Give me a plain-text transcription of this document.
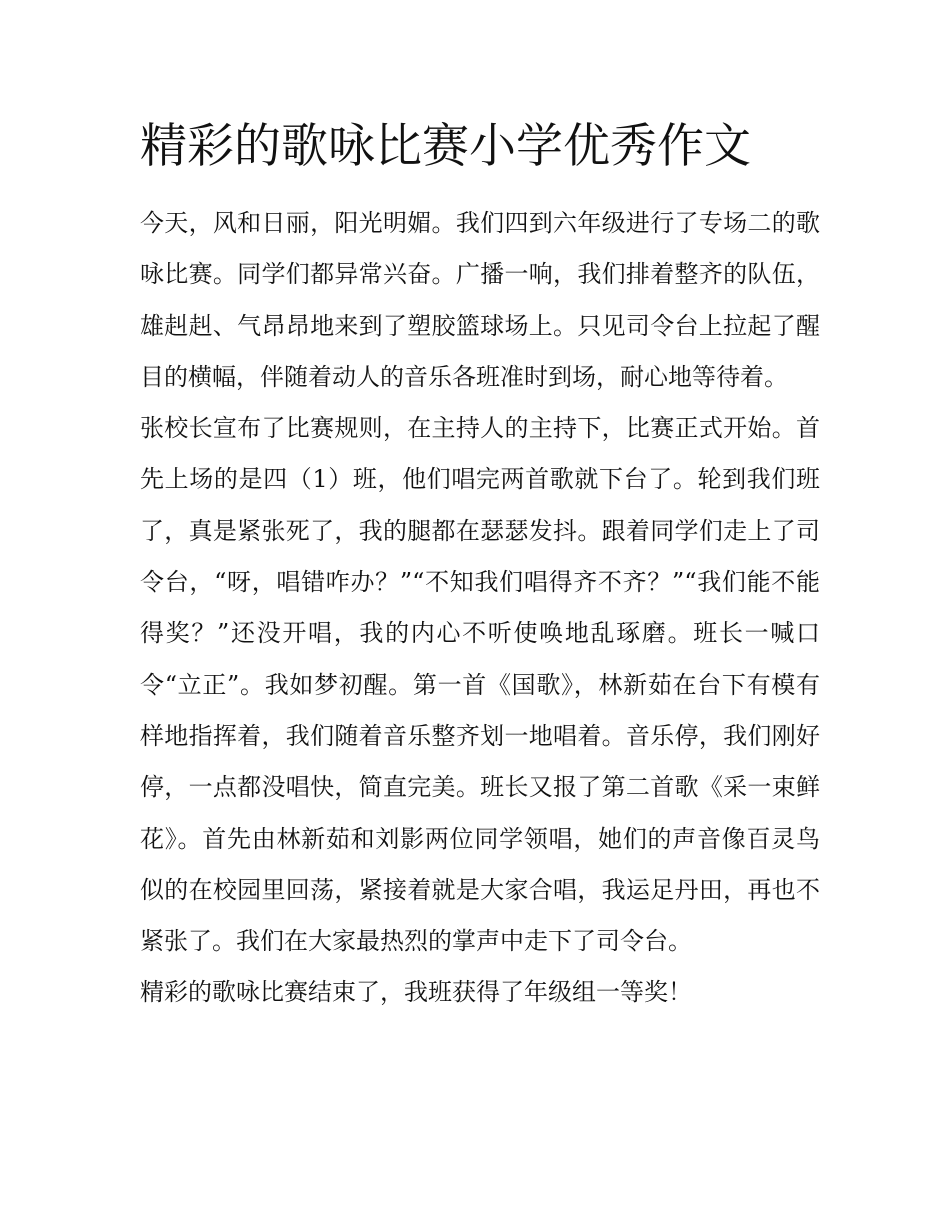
精彩的歌咏比赛小学优秀作文

今天，风和日丽，阳光明媚。我们四到六年级进行了专场二的歌咏比赛。同学们都异常兴奋。广播一响，我们排着整齐的队伍，雄赳赳、气昂昂地来到了塑胶篮球场上。只见司令台上拉起了醒目的横幅，伴随着动人的音乐各班准时到场，耐心地等待着。

张校长宣布了比赛规则，在主持人的主持下，比赛正式开始。首先上场的是四（1）班，他们唱完两首歌就下台了。轮到我们班了，真是紧张死了，我的腿都在瑟瑟发抖。跟着同学们走上了司令台，“呀，唱错咋办？”“不知我们唱得齐不齐？”“我们能不能得奖？”还没开唱，我的内心不听使唤地乱琢磨。班长一喊口令“立正”。我如梦初醒。第一首《国歌》，林新茹在台下有模有样地指挥着，我们随着音乐整齐划一地唱着。音乐停，我们刚好停，一点都没唱快，简直完美。班长又报了第二首歌《采一束鲜花》。首先由林新茹和刘影两位同学领唱，她们的声音像百灵鸟似的在校园里回荡，紧接着就是大家合唱，我运足丹田，再也不紧张了。我们在大家最热烈的掌声中走下了司令台。

精彩的歌咏比赛结束了，我班获得了年级组一等奖！
